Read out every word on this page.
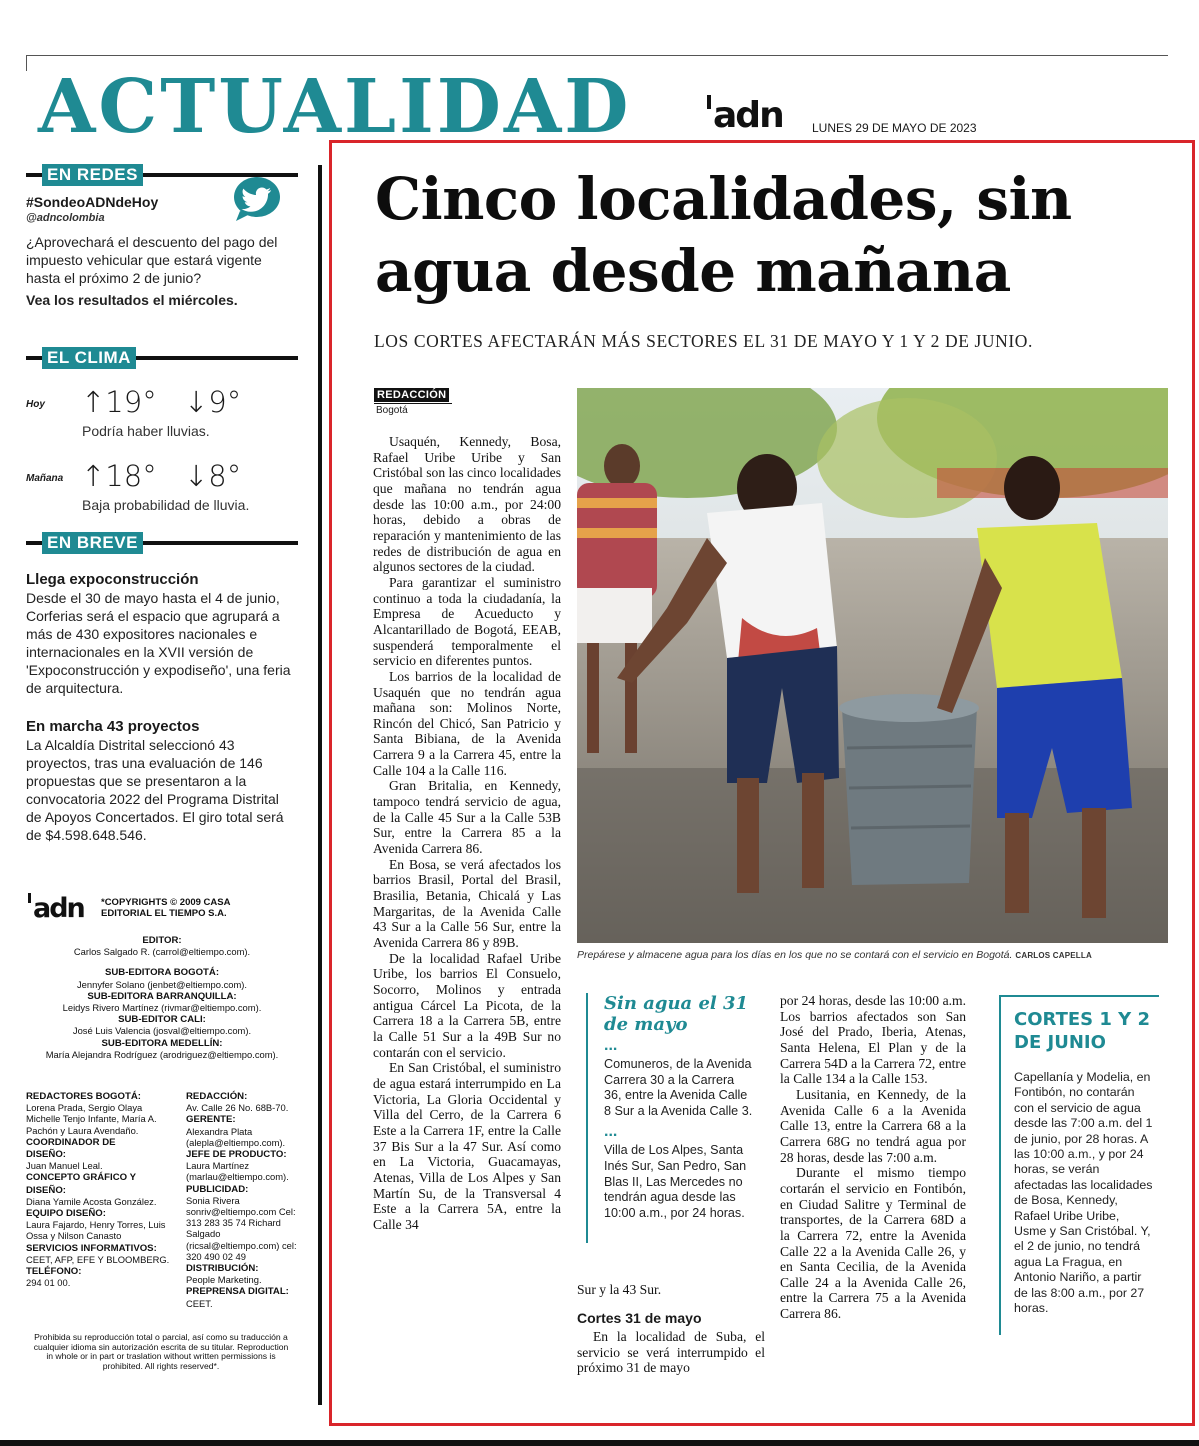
ACTUALIDAD adn LUNES 29 DE MAYO DE 2023
EN REDES
#SondeoADNdeHoy
@adncolombia
¿Aprovechará el descuento del pago del impuesto vehicular que estará vigente hasta el próximo 2 de junio?
Vea los resultados el miércoles.
EL CLIMA
Hoy ↑19° ↓9°
Podría haber lluvias.
Mañana ↑18° ↓8°
Baja probabilidad de lluvia.
EN BREVE
Llega expoconstrucción
Desde el 30 de mayo hasta el 4 de junio, Corferias será el espacio que agrupará a más de 430 expositores nacionales e internacionales en la XVII versión de 'Expoconstrucción y expodiseño', una feria de arquitectura.
En marcha 43 proyectos
La Alcaldía Distrital seleccionó 43 proyectos, tras una evaluación de 146 propuestas que se presentaron a la convocatoria 2022 del Programa Distrital de Apoyos Concertados. El giro total será de $4.598.648.546.
adn *COPYRIGHTS © 2009 CASA EDITORIAL EL TIEMPO S.A.
EDITOR:
Carlos Salgado R. (carrol@eltiempo.com).
SUB-EDITORA BOGOTÁ:
Jennyfer Solano (jenbet@eltiempo.com).
SUB-EDITORA BARRANQUILLA:
Leidys Rivero Martínez (rivmar@eltiempo.com).
SUB-EDITOR CALI:
José Luis Valencia (josval@eltiempo.com).
SUB-EDITORA MEDELLÍN:
María Alejandra Rodríguez (arodriguez@eltiempo.com).
REDACTORES BOGOTÁ:
Lorena Prada, Sergio Olaya Michelle Tenjo Infante, María A. Pachón y Laura Avendaño.
COORDINADOR DE DISEÑO:
Juan Manuel Leal.
CONCEPTO GRÁFICO Y DISEÑO:
Diana Yamile Acosta González.
EQUIPO DISEÑO:
Laura Fajardo, Henry Torres, Luis Ossa y Nilson Canasto
SERVICIOS INFORMATIVOS:
CEET, AFP, EFE Y BLOOMBERG.
TELÉFONO:
294 01 00.
REDACCIÓN:
Av. Calle 26 No. 68B-70.
GERENTE:
Alexandra Plata (alepla@eltiempo.com).
JEFE DE PRODUCTO:
Laura Martínez (marlau@eltiempo.com).
PUBLICIDAD:
Sonia Rivera sonriv@eltiempo.com Cel: 313 283 35 74 Richard Salgado (ricsal@eltiempo.com) cel: 320 490 02 49
DISTRIBUCIÓN:
People Marketing.
PREPRENSA DIGITAL:
CEET.
Prohibida su reproducción total o parcial, así como su traducción a cualquier idioma sin autorización escrita de su titular. Reproduction in whole or in part or traslation without written permissions is prohibited. All rights reserved*.
Cinco localidades, sin agua desde mañana
LOS CORTES AFECTARÁN MÁS SECTORES EL 31 DE MAYO Y 1 Y 2 DE JUNIO.
REDACCIÓN
Bogotá

Usaquén, Kennedy, Bosa, Rafael Uribe Uribe y San Cristóbal son las cinco localidades que mañana no tendrán agua desde las 10:00 a.m., por 24:00 horas, debido a obras de reparación y mantenimiento de las redes de distribución de agua en algunos sectores de la ciudad.

Para garantizar el suministro continuo a toda la ciudadanía, la Empresa de Acueducto y Alcantarillado de Bogotá, EEAB, suspenderá temporalmente el servicio en diferentes puntos.

Los barrios de la localidad de Usaquén que no tendrán agua mañana son: Molinos Norte, Rincón del Chicó, San Patricio y Santa Bibiana, de la Avenida Carrera 9 a la Carrera 45, entre la Calle 104 a la Calle 116.

Gran Britalia, en Kennedy, tampoco tendrá servicio de agua, de la Calle 45 Sur a la Calle 53B Sur, entre la Carrera 85 a la Avenida Carrera 86.

En Bosa, se verá afectados los barrios Brasil, Portal del Brasil, Brasilia, Betania, Chicalá y Las Margaritas, de la Avenida Calle 43 Sur a la Calle 56 Sur, entre la Avenida Carrera 86 y 89B.

De la localidad Rafael Uribe Uribe, los barrios El Consuelo, Socorro, Molinos y entrada antigua Cárcel La Picota, de la Carrera 18 a la Carrera 5B, entre la Calle 51 Sur a la 49B Sur no contarán con el servicio.

En San Cristóbal, el suministro de agua estará interrumpido en La Victoria, La Gloria Occidental y Villa del Cerro, de la Carrera 6 Este a la Carrera 1F, entre la Calle 37 Bis Sur a la 47 Sur. Así como en La Victoria, Guacamayas, Atenas, Villa de Los Alpes y San Martín Su, de la Transversal 4 Este a la Carrera 5A, entre la Calle 34

Prepárese y almacene agua para los días en los que no se contará con el servicio en Bogotá. CARLOS CAPELLA
Sin agua el 31 de mayo
...
Comuneros, de la Avenida Carrera 30 a la Carrera 36, entre la Avenida Calle 8 Sur a la Avenida Calle 3.
...
Villa de Los Alpes, Santa Inés Sur, San Pedro, San Blas II, Las Mercedes no tendrán agua desde las 10:00 a.m., por 24 horas.

Sur y la 43 Sur.

Cortes 31 de mayo

En la localidad de Suba, el servicio se verá interrumpido el próximo 31 de mayo

por 24 horas, desde las 10:00 a.m. Los barrios afectados son San José del Prado, Iberia, Atenas, Santa Helena, El Plan y de la Carrera 54D a la Carrera 72, entre la Calle 134 a la Calle 153.

Lusitania, en Kennedy, de la Avenida Calle 6 a la Avenida Calle 13, entre la Carrera 68 a la Carrera 68G no tendrá agua por 28 horas, desde las 7:00 a.m.

Durante el mismo tiempo cortarán el servicio en Fontibón, en Ciudad Salitre y Terminal de transportes, de la Carrera 68D a la Carrera 72, entre la Avenida Calle 22 a la Avenida Calle 26, y en Santa Cecilia, de la Avenida Calle 24 a la Avenida Calle 26, entre la Carrera 75 a la Avenida Carrera 86.

CORTES 1 Y 2 DE JUNIO
Capellanía y Modelia, en Fontibón, no contarán con el servicio de agua desde las 7:00 a.m. del 1 de junio, por 28 horas. A las 10:00 a.m., y por 24 horas, se verán afectadas las localidades de Bosa, Kennedy, Rafael Uribe Uribe, Usme y San Cristóbal. Y, el 2 de junio, no tendrá agua La Fragua, en Antonio Nariño, a partir de las 8:00 a.m., por 27 horas.
